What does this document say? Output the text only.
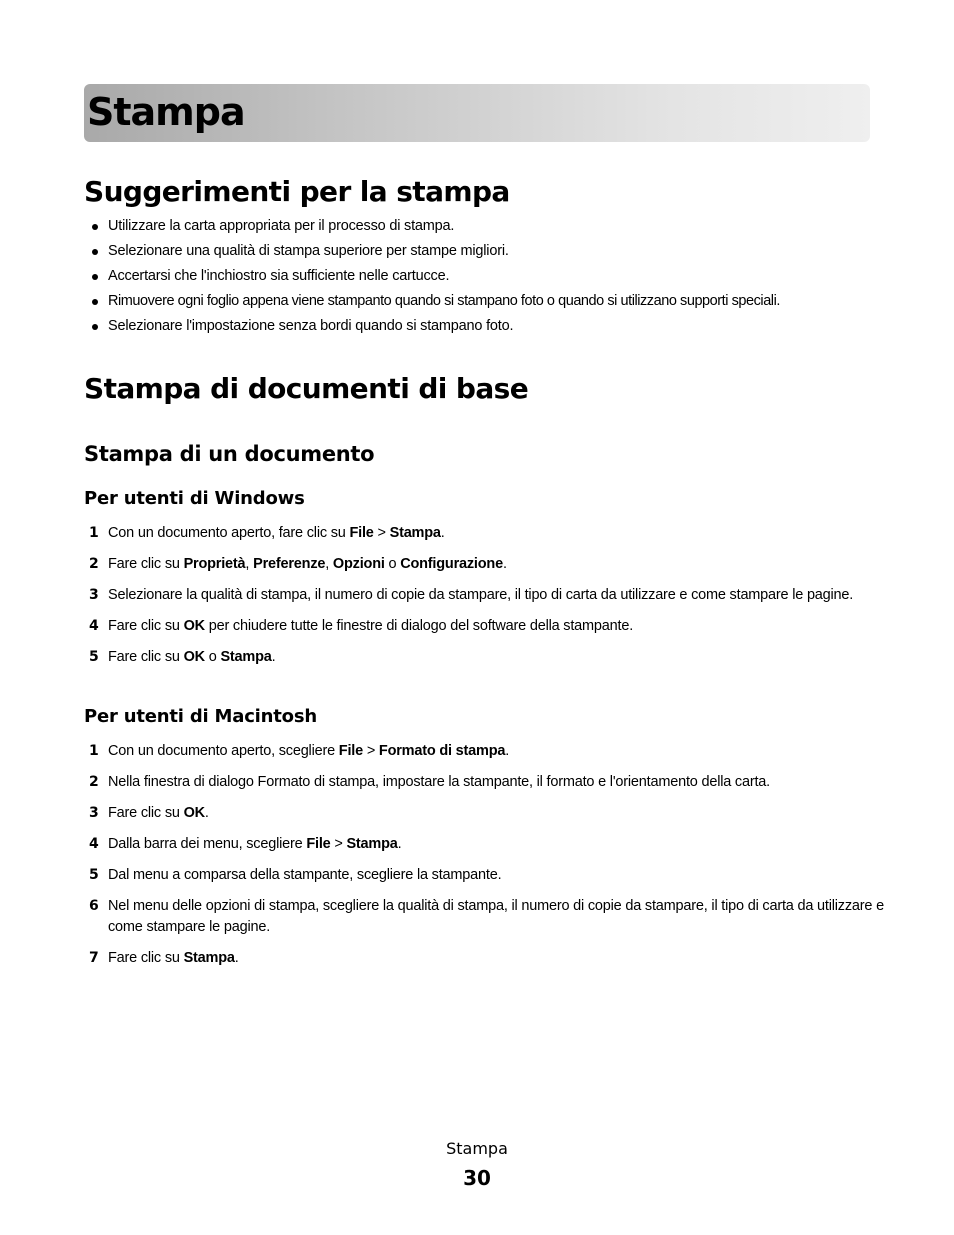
Stampa
Suggerimenti per la stampa
Utilizzare la carta appropriata per il processo di stampa.
Selezionare una qualità di stampa superiore per stampe migliori.
Accertarsi che l'inchiostro sia sufficiente nelle cartucce.
Rimuovere ogni foglio appena viene stampanto quando si stampano foto o quando si utilizzano supporti speciali.
Selezionare l'impostazione senza bordi quando si stampano foto.
Stampa di documenti di base
Stampa di un documento
Per utenti di Windows
1 Con un documento aperto, fare clic su File > Stampa.
2 Fare clic su Proprietà, Preferenze, Opzioni o Configurazione.
3 Selezionare la qualità di stampa, il numero di copie da stampare, il tipo di carta da utilizzare e come stampare le pagine.
4 Fare clic su OK per chiudere tutte le finestre di dialogo del software della stampante.
5 Fare clic su OK o Stampa.
Per utenti di Macintosh
1 Con un documento aperto, scegliere File > Formato di stampa.
2 Nella finestra di dialogo Formato di stampa, impostare la stampante, il formato e l'orientamento della carta.
3 Fare clic su OK.
4 Dalla barra dei menu, scegliere File > Stampa.
5 Dal menu a comparsa della stampante, scegliere la stampante.
6 Nel menu delle opzioni di stampa, scegliere la qualità di stampa, il numero di copie da stampare, il tipo di carta da utilizzare e come stampare le pagine.
7 Fare clic su Stampa.
Stampa
30
